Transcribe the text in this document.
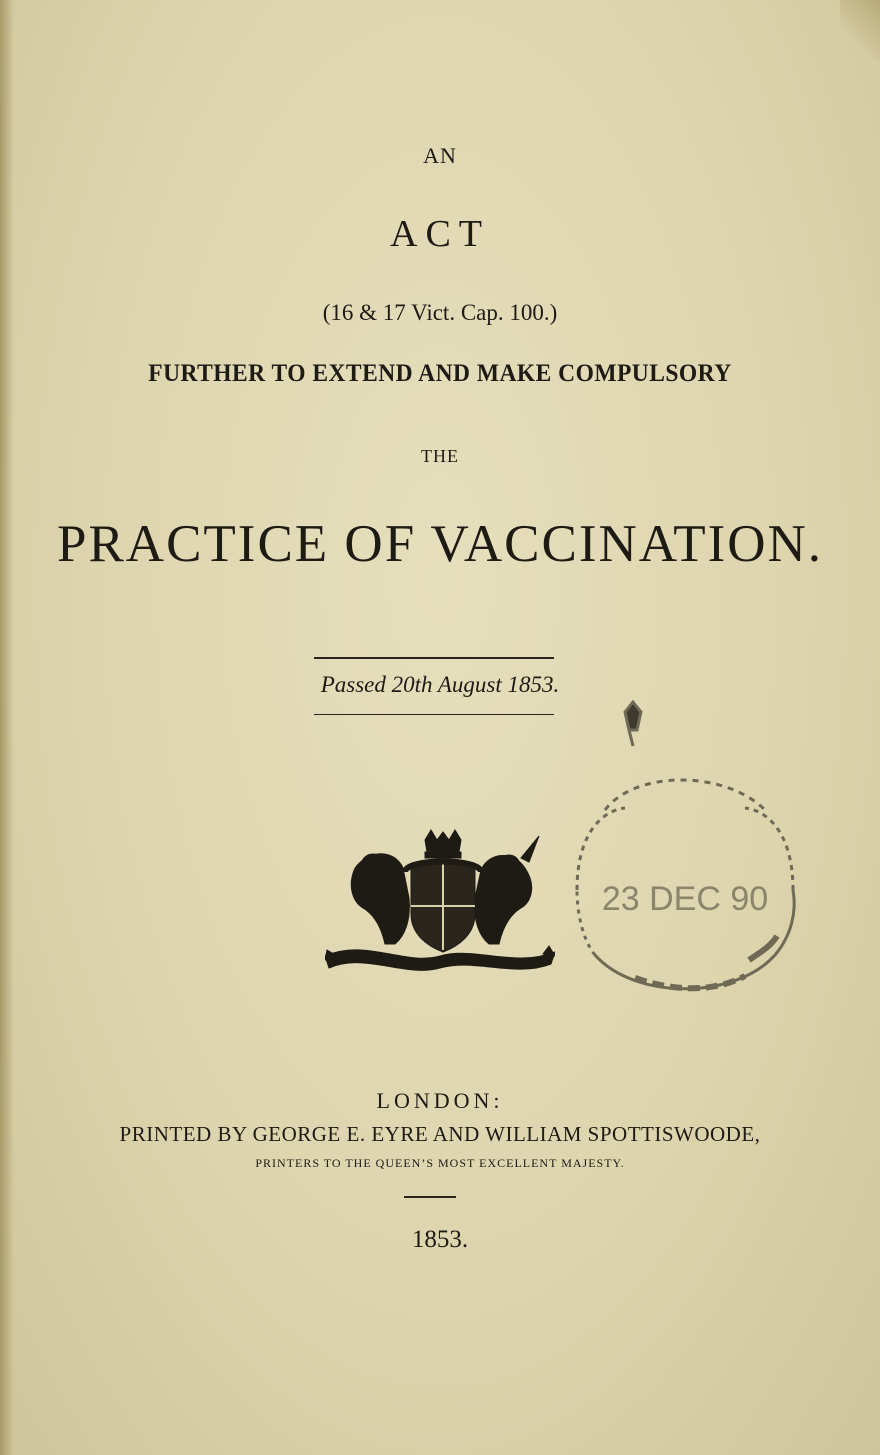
AN
ACT
(16 & 17 Vict. Cap. 100.)
FURTHER TO EXTEND AND MAKE COMPULSORY
THE
PRACTICE OF VACCINATION.
Passed 20th August 1853.
23 DEC 90
LONDON:
PRINTED BY GEORGE E. EYRE AND WILLIAM SPOTTISWOODE,
PRINTERS TO THE QUEEN’S MOST EXCELLENT MAJESTY.
1853.
